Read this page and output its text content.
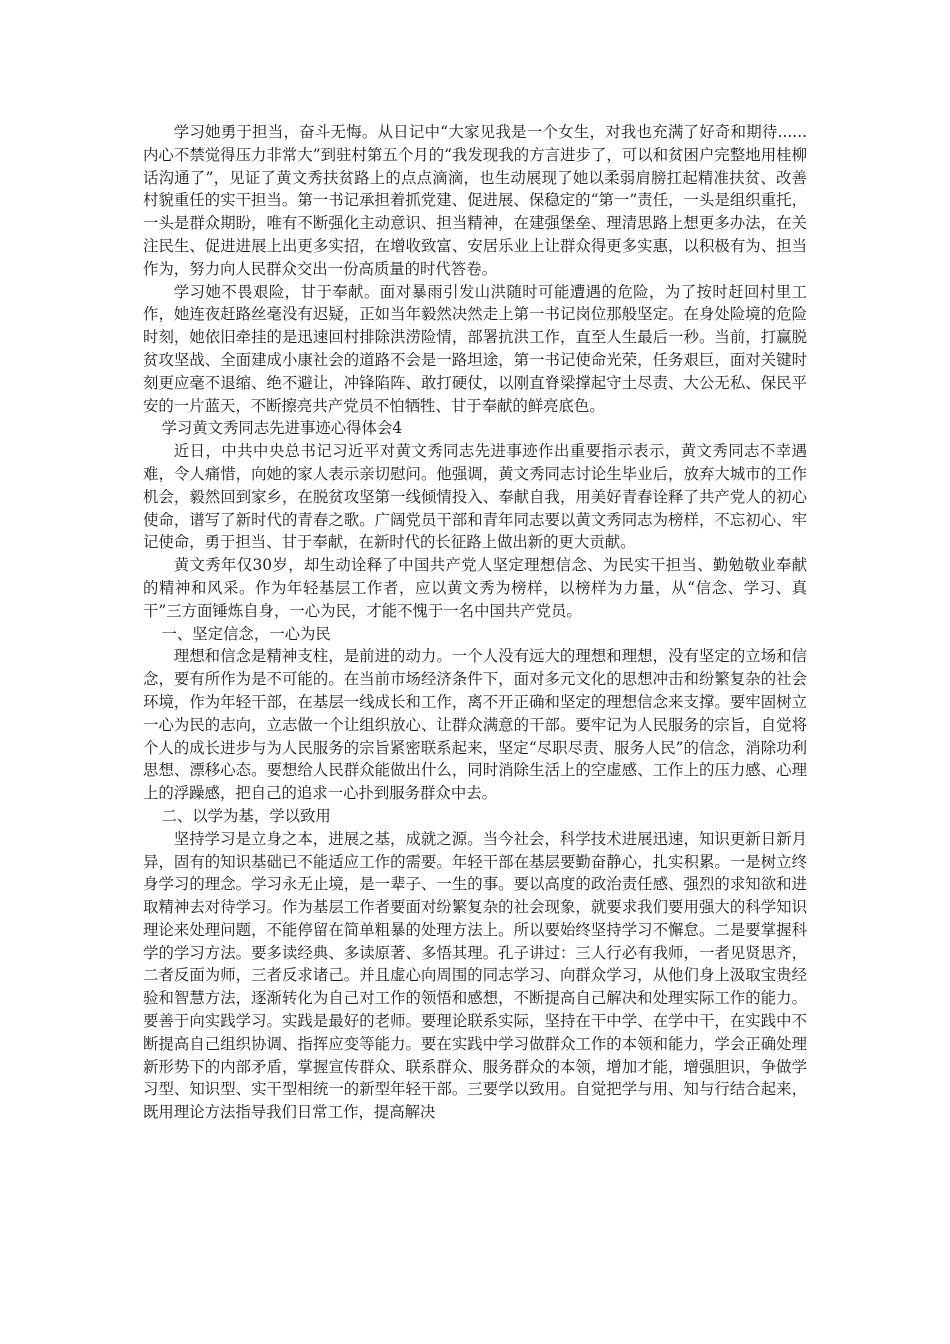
学习她勇于担当，奋斗无悔。从日记中“大家见我是一个女生，对我也充满了好奇和期待......内心不禁觉得压力非常大”到驻村第五个月的“我发现我的方言进步了，可以和贫困户完整地用桂柳话沟通了”，见证了黄文秀扶贫路上的点点滴滴，也生动展现了她以柔弱肩膀扛起精准扶贫、改善村貌重任的实干担当。第一书记承担着抓党建、促进展、保稳定的“第一”责任，一头是组织重托，一头是群众期盼，唯有不断强化主动意识、担当精神，在建强堡垒、理清思路上想更多办法，在关注民生、促进进展上出更多实招，在增收致富、安居乐业上让群众得更多实惠，以积极有为、担当作为，努力向人民群众交出一份高质量的时代答卷。

学习她不畏艰险，甘于奉献。面对暴雨引发山洪随时可能遭遇的危险，为了按时赶回村里工作，她连夜赶路丝毫没有迟疑，正如当年毅然决然走上第一书记岗位那般坚定。在身处险境的危险时刻，她依旧牵挂的是迅速回村排除洪涝险情，部署抗洪工作，直至人生最后一秒。当前，打赢脱贫攻坚战、全面建成小康社会的道路不会是一路坦途，第一书记使命光荣，任务艰巨，面对关键时刻更应毫不退缩、绝不避让，冲锋陷阵、敢打硬仗，以刚直脊梁撑起守土尽责、大公无私、保民平安的一片蓝天，不断擦亮共产党员不怕牺牲、甘于奉献的鲜亮底色。

学习黄文秀同志先进事迹心得体会4

近日，中共中央总书记习近平对黄文秀同志先进事迹作出重要指示表示，黄文秀同志不幸遇难，令人痛惜，向她的家人表示亲切慰问。他强调，黄文秀同志讨论生毕业后，放弃大城市的工作机会，毅然回到家乡，在脱贫攻坚第一线倾情投入、奉献自我，用美好青春诠释了共产党人的初心使命，谱写了新时代的青春之歌。广阔党员干部和青年同志要以黄文秀同志为榜样，不忘初心、牢记使命，勇于担当、甘于奉献，在新时代的长征路上做出新的更大贡献。

黄文秀年仅30岁，却生动诠释了中国共产党人坚定理想信念、为民实干担当、勤勉敬业奉献的精神和风采。作为年轻基层工作者，应以黄文秀为榜样，以榜样为力量，从“信念、学习、真干”三方面锤炼自身，一心为民，才能不愧于一名中国共产党员。

一、坚定信念，一心为民

理想和信念是精神支柱，是前进的动力。一个人没有远大的理想和理想，没有坚定的立场和信念，要有所作为是不可能的。在当前市场经济条件下，面对多元文化的思想冲击和纷繁复杂的社会环境，作为年轻干部，在基层一线成长和工作，离不开正确和坚定的理想信念来支撑。要牢固树立一心为民的志向，立志做一个让组织放心、让群众满意的干部。要牢记为人民服务的宗旨，自觉将个人的成长进步与为人民服务的宗旨紧密联系起来，坚定“尽职尽责、服务人民”的信念，消除功利思想、漂移心态。要想给人民群众能做出什么，同时消除生活上的空虚感、工作上的压力感、心理上的浮躁感，把自己的追求一心扑到服务群众中去。

二、以学为基，学以致用

坚持学习是立身之本，进展之基，成就之源。当今社会，科学技术进展迅速，知识更新日新月异，固有的知识基础已不能适应工作的需要。年轻干部在基层要勤奋静心，扎实积累。一是树立终身学习的理念。学习永无止境，是一辈子、一生的事。要以高度的政治责任感、强烈的求知欲和进取精神去对待学习。作为基层工作者要面对纷繁复杂的社会现象，就要求我们要用强大的科学知识理论来处理问题，不能停留在简单粗暴的处理方法上。所以要始终坚持学习不懈怠。二是要掌握科学的学习方法。要多读经典、多读原著、多悟其理。孔子讲过：三人行必有我师，一者见贤思齐，二者反面为师，三者反求诸己。并且虚心向周围的同志学习、向群众学习，从他们身上汲取宝贵经验和智慧方法，逐渐转化为自己对工作的领悟和感想，不断提高自己解决和处理实际工作的能力。要善于向实践学习。实践是最好的老师。要理论联系实际，坚持在干中学、在学中干，在实践中不断提高自己组织协调、指挥应变等能力。要在实践中学习做群众工作的本领和能力，学会正确处理新形势下的内部矛盾，掌握宣传群众、联系群众、服务群众的本领，增加才能，增强胆识，争做学习型、知识型、实干型相统一的新型年轻干部。三要学以致用。自觉把学与用、知与行结合起来，既用理论方法指导我们日常工作，提高解决
